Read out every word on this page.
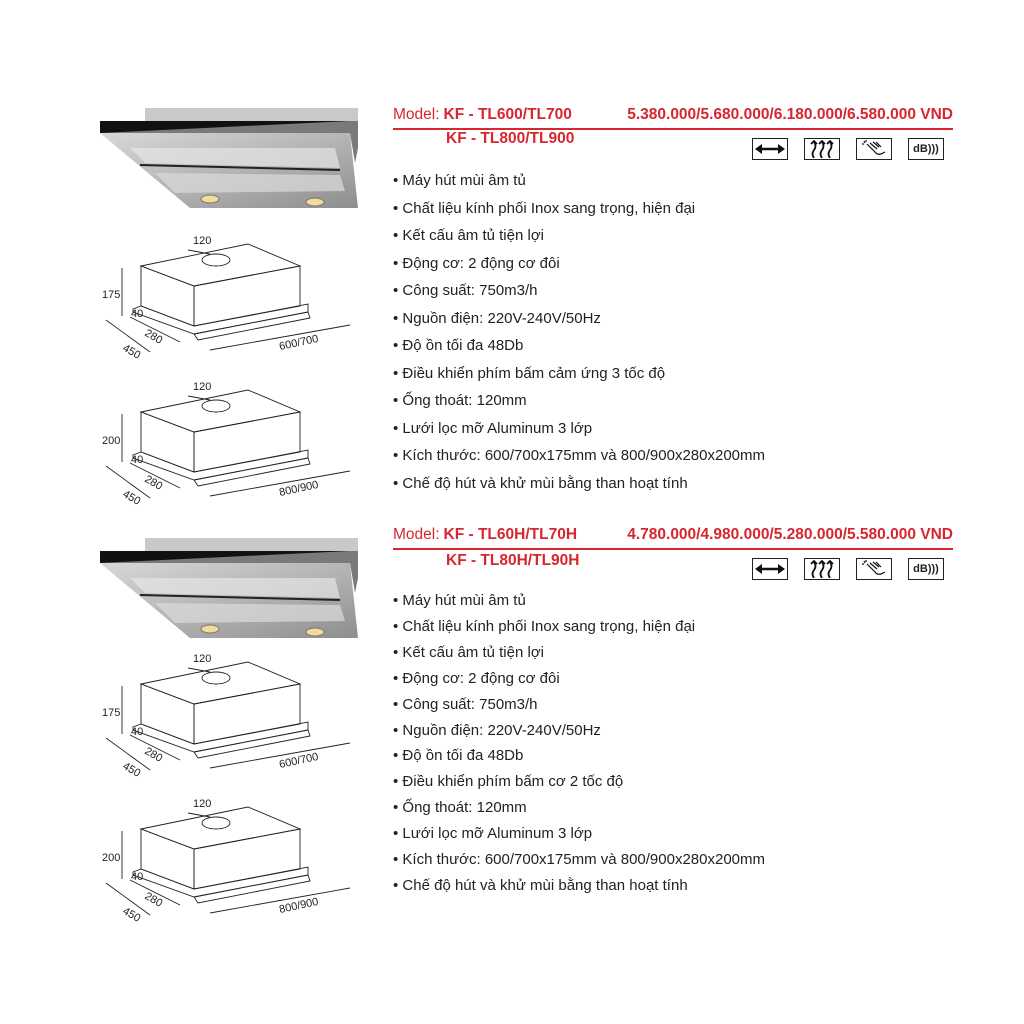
Model: KF - TL600/TL700	5.380.000/5.680.000/6.180.000/6.580.000 VND
KF - TL800/TL900
dB)))
• Máy hút mùi âm tủ
• Chất liệu kính phối Inox sang trọng, hiện đại
• Kết cấu âm tủ tiện lợi
• Động cơ: 2 động cơ đôi
• Công suất: 750m3/h
• Nguồn điện: 220V-240V/50Hz
• Độ ồn tối đa 48Db
• Điều khiển phím bấm cảm ứng 3 tốc độ
• Ống thoát: 120mm
• Lưới lọc mỡ Aluminum 3 lớp
• Kích thước: 600/700x175mm và 800/900x280x200mm
• Chế độ hút và khử mùi bằng than hoạt tính
120
175
40
280
450	600/700
120
200
40
280
450	800/900
Model: KF - TL60H/TL70H	4.780.000/4.980.000/5.280.000/5.580.000 VND
KF - TL80H/TL90H	dB)))
• Máy hút mùi âm tủ
• Chất liệu kính phối Inox sang trọng, hiện đại
• Kết cấu âm tủ tiện lợi
• Động cơ: 2 động cơ đôi
• Công suất: 750m3/h
• Nguồn điện: 220V-240V/50Hz
• Độ ồn tối đa 48Db
• Điều khiển phím bấm cơ 2 tốc độ
• Ống thoát: 120mm
• Lưới lọc mỡ Aluminum 3 lớp
• Kích thước: 600/700x175mm và 800/900x280x200mm
• Chế độ hút và khử mùi bằng than hoạt tính
120
175
40
280
450	600/700
120
200
40
280
450	800/900
